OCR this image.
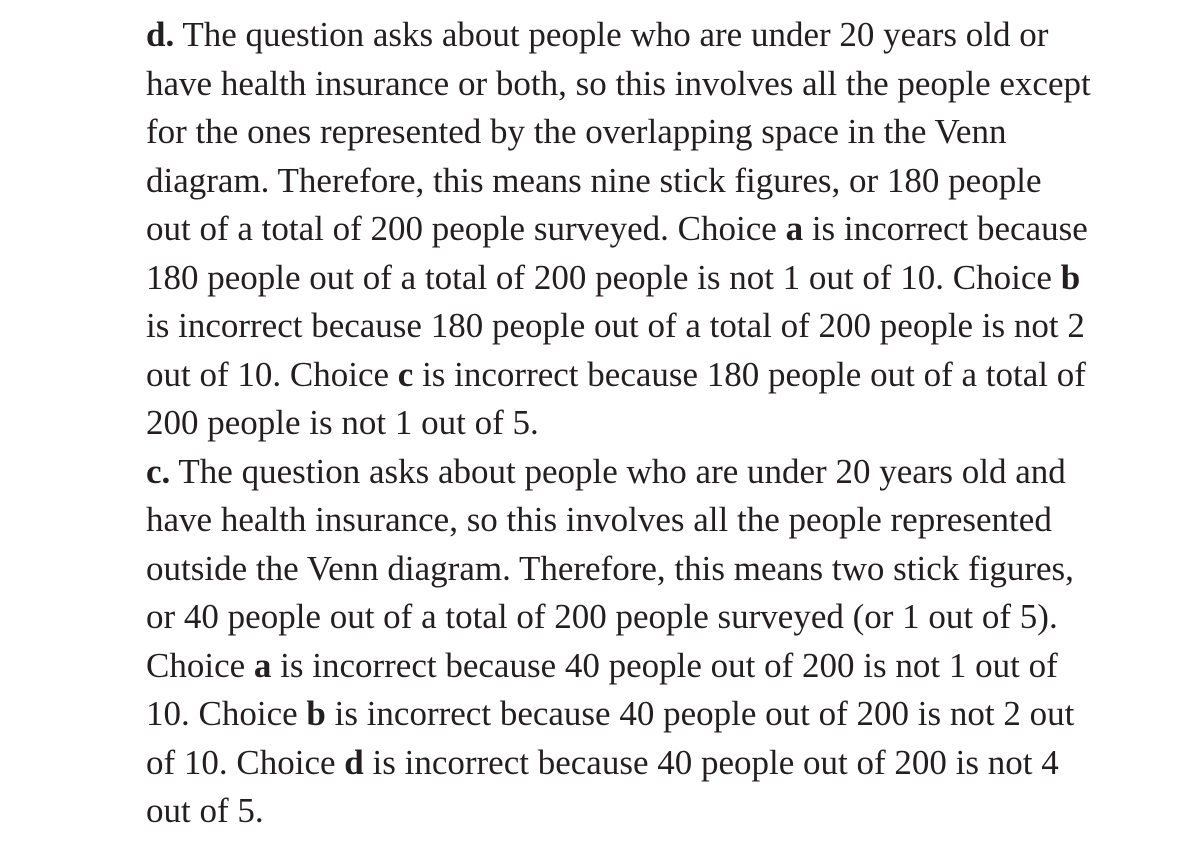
d. The question asks about people who are under 20 years old or
have health insurance or both, so this involves all the people except
for the ones represented by the overlapping space in the Venn
diagram. Therefore, this means nine stick figures, or 180 people
out of a total of 200 people surveyed. Choice a is incorrect because
180 people out of a total of 200 people is not 1 out of 10. Choice b
is incorrect because 180 people out of a total of 200 people is not 2
out of 10. Choice c is incorrect because 180 people out of a total of
200 people is not 1 out of 5.
c. The question asks about people who are under 20 years old and
have health insurance, so this involves all the people represented
outside the Venn diagram. Therefore, this means two stick figures,
or 40 people out of a total of 200 people surveyed (or 1 out of 5).
Choice a is incorrect because 40 people out of 200 is not 1 out of
10. Choice b is incorrect because 40 people out of 200 is not 2 out
of 10. Choice d is incorrect because 40 people out of 200 is not 4
out of 5.
